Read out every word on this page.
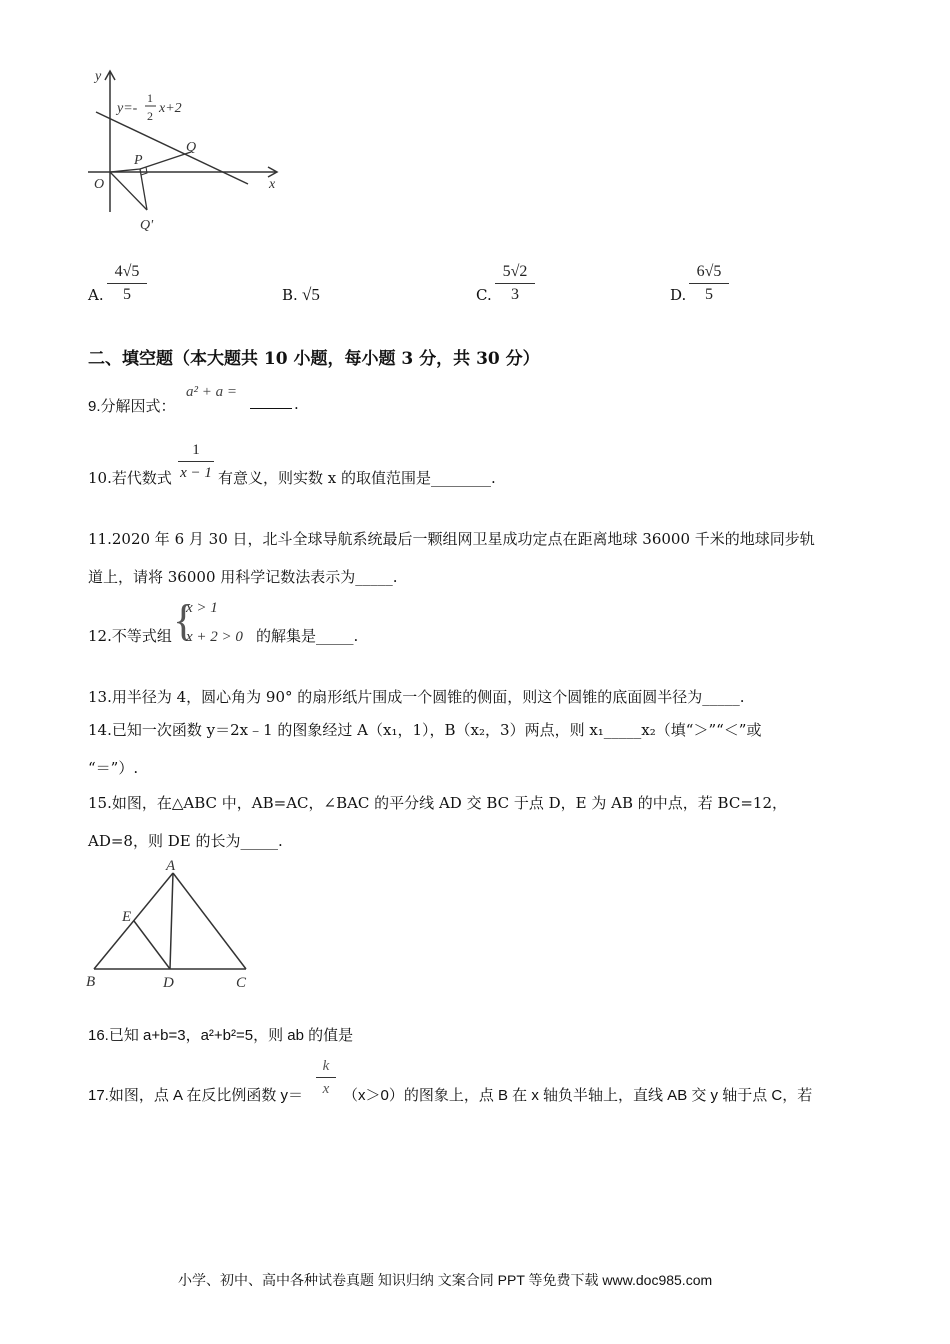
y
x
y=-
1
2 x+2
O
P
Q
Q'
A.
4√5
5	B. √5	C.
5√2
3	D.
6√5
5
二、填空题（本大题共 10 小题，每小题 3 分，共 30 分）
9.分解因式：
a² + a =
.
10.若代数式
1
x − 1 有意义，则实数 x 的取值范围是________.
11.2020 年 6 月 30 日，北斗全球导航系统最后一颗组网卫星成功定点在距离地球 36000 千米的地球同步轨
道上，请将 36000 用科学记数法表示为_____.
12.不等式组 {
x > 1
x + 2 > 0 的解集是_____.
13.用半径为 4，圆心角为 90° 的扇形纸片围成一个圆锥的侧面，则这个圆锥的底面圆半径为_____.
14.已知一次函数 y＝2x﹣1 的图象经过 A（x₁，1），B（x₂，3）两点，则 x₁_____x₂（填“＞”“＜”或
“＝”）.
15.如图，在△ABC 中，AB=AC，∠BAC 的平分线 AD 交 BC 于点 D，E 为 AB 的中点，若 BC=12，
AD=8，则 DE 的长为_____.
A
B	C
D
E
16.已知 a+b=3，a²+b²=5，则 ab 的值是
17.如图，点 A 在反比例函数 y＝
k
x （x＞0）的图象上，点 B 在 x 轴负半轴上，直线 AB 交 y 轴于点 C，若
小学、初中、高中各种试卷真题 知识归纳 文案合同 PPT 等免费下载 www.doc985.com
